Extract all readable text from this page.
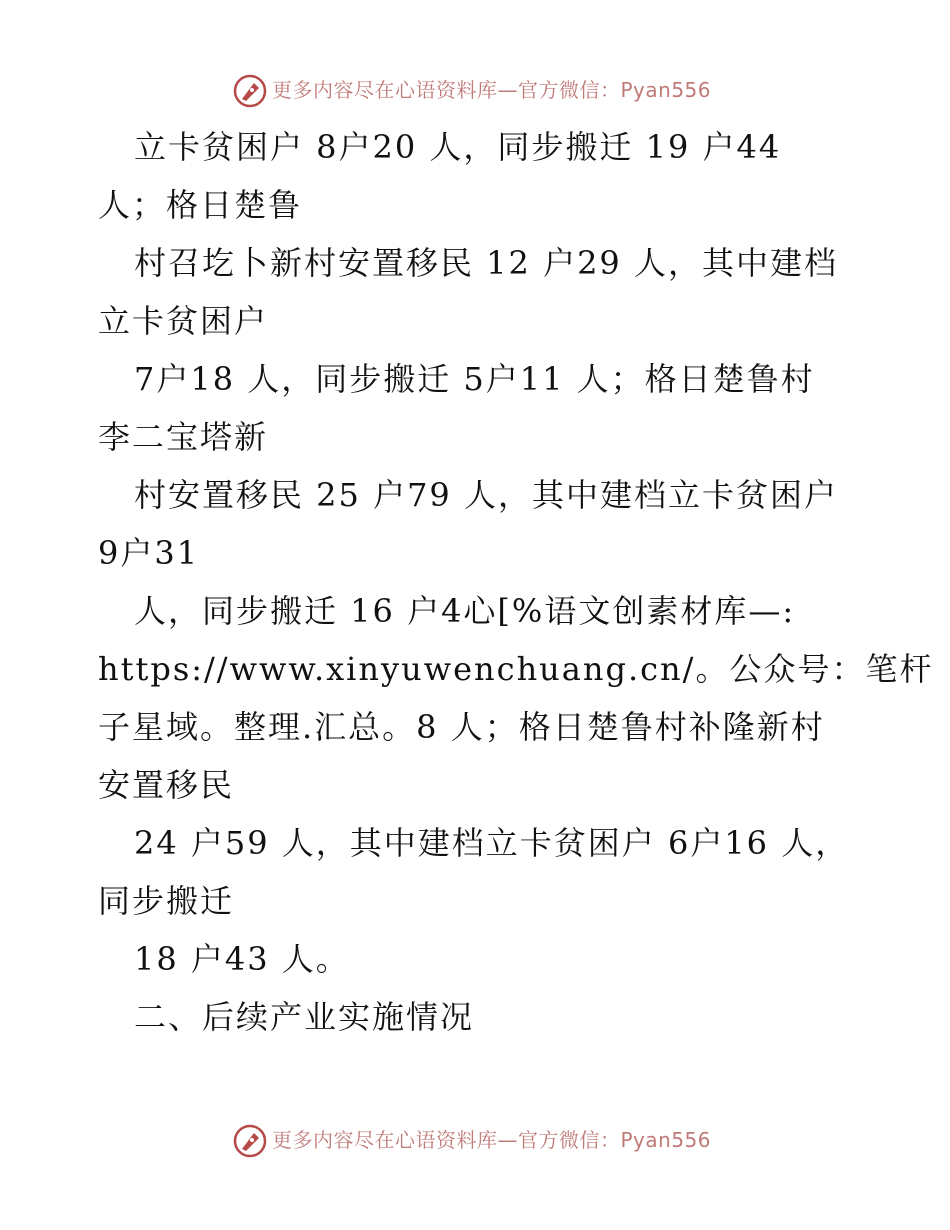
更多内容尽在心语资料库—官方微信：Pyan556
立卡贫困户 8户20 人，同步搬迁 19 户44
人；格日楚鲁
村召圪卜新村安置移民 12 户29 人，其中建档
立卡贫困户
7户18 人，同步搬迁 5户11 人；格日楚鲁村
李二宝塔新
村安置移民 25 户79 人，其中建档立卡贫困户
9户31
人，同步搬迁 16 户4心[%语文创素材库—:
https://www.xinyuwenchuang.cn/。公众号：笔杆
子星域。整理.汇总。8 人；格日楚鲁村补隆新村
安置移民
24 户59 人，其中建档立卡贫困户 6户16 人，
同步搬迁
18 户43 人。
二、后续产业实施情况
更多内容尽在心语资料库—官方微信：Pyan556
